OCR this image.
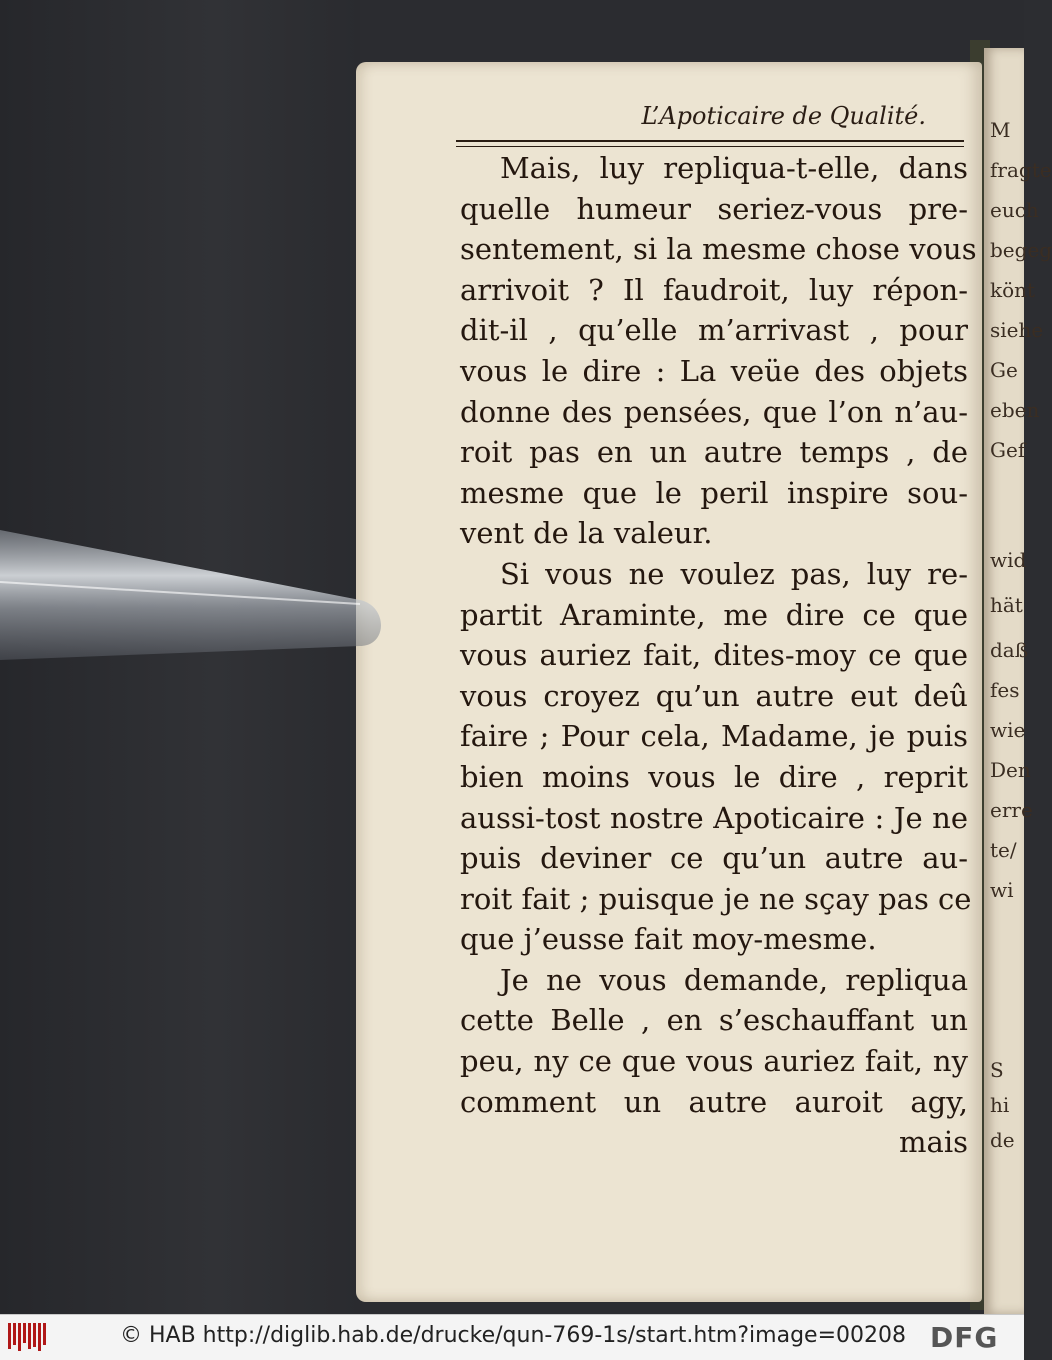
M
fragte
euch
begeg
könt
siehe
Ge
eben
Gef
wid
hät
daß
fes
wie
Den
erre
te/
wi
S
hi
de
L’Apoticaire de Qualité.
Mais, luy repliqua-t-elle, dans
quelle humeur seriez-vous pre-
sentement, si la mesme chose vous
arrivoit ? Il faudroit, luy répon-
dit-il , qu’elle m’arrivast , pour
vous le dire : La veüe des objets
donne des pensées, que l’on n’au-
roit pas en un autre temps , de
mesme que le peril inspire sou-
vent de la valeur.
Si vous ne voulez pas, luy re-
partit Araminte, me dire ce que
vous auriez fait, dites-moy ce que
vous croyez qu’un autre eut deû
faire ; Pour cela, Madame, je puis
bien moins vous le dire , reprit
aussi-tost nostre Apoticaire : Je ne
puis deviner ce qu’un autre au-
roit fait ; puisque je ne sçay pas ce
que j’eusse fait moy-mesme.
Je ne vous demande, repliqua
cette Belle , en s’eschauffant un
peu, ny ce que vous auriez fait, ny
comment un autre auroit agy,
mais
© HAB http://diglib.hab.de/drucke/qun-769-1s/start.htm?image=00208 DFG
